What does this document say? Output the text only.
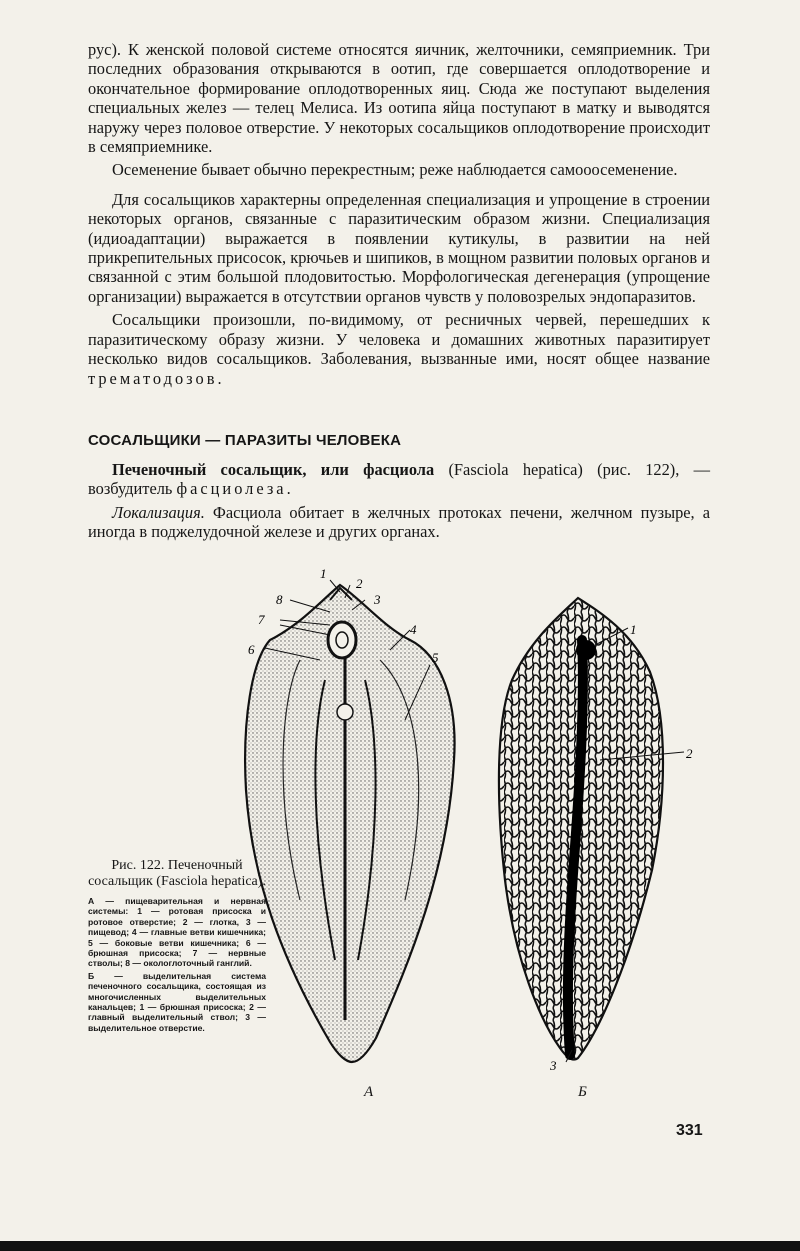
рус). К женской половой системе относятся яичник, желточники, семяприемник. Три последних образования открываются в оотип, где совершается оплодотворение и окончательное формирование оплодотворенных яиц. Сюда же поступают выделения специальных желез — телец Мелиса. Из оотипа яйца поступают в матку и выводятся наружу через половое отверстие. У некоторых сосальщиков оплодотворение происходит в семяприемнике.

Осеменение бывает обычно перекрестным; реже наблюдается самооосеменение.

Для сосальщиков характерны определенная специализация и упрощение в строении некоторых органов, связанные с паразитическим образом жизни. Специализация (идиоадаптации) выражается в появлении кутикулы, в развитии на ней прикрепительных присосок, крючьев и шипиков, в мощном развитии половых органов и связанной с этим большой плодовитостью. Морфологическая дегенерация (упрощение организации) выражается в отсутствии органов чувств у половозрелых эндопаразитов.

Сосальщики произошли, по-видимому, от ресничных червей, перешедших к паразитическому образу жизни. У человека и домашних животных паразитирует несколько видов сосальщиков. Заболевания, вызванные ими, носят общее название трематодозов.

СОСАЛЬЩИКИ — ПАРАЗИТЫ ЧЕЛОВЕКА

Печеночный сосальщик, или фасциола (Fasciola hepatica) (рис. 122), — возбудитель фасциолеза.

Локализация. Фасциола обитает в желчных протоках печени, желчном пузыре, а иногда в поджелудочной железе и других органах.

1
2
3
4
5
6
7
8
1
2
3
А	Б

Рис. 122. Печеночный сосальщик (Fasciola hepatica).

А — пищеварительная и нервная системы: 1 — ротовая присоска и ротовое отверстие; 2 — глотка, 3 — пищевод; 4 — главные ветви кишечника; 5 — боковые ветви кишечника; 6 — брюшная присоска; 7 — нервные стволы; 8 — окологлоточный ганглий.

Б — выделительная система печеночного сосальщика, состоящая из многочисленных выделительных канальцев; 1 — брюшная присоска; 2 — главный выделительный ствол; 3 — выделительное отверстие.

331
